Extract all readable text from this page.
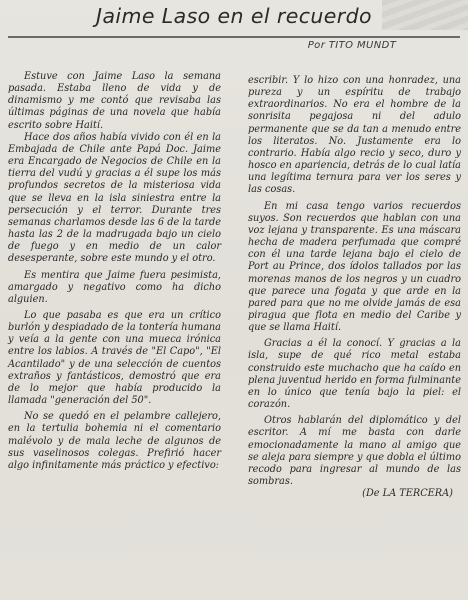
Jaime Laso en el recuerdo

Por TITO MUNDT

Estuve con Jaime Laso la semana pasada. Estaba lleno de vida y de dinamismo y me contó que revisaba las últimas páginas de una novela que había escrito sobre Haití.

Hace dos años había vivido con él en la Embajada de Chile ante Papá Doc. Jaime era Encargado de Negocios de Chile en la tierra del vudú y gracias a él supe los más profundos secretos de la misteriosa vida que se lleva en la isla siniestra entre la persecución y el terror. Durante tres semanas charlamos desde las 6 de la tarde hasta las 2 de la madrugada bajo un cielo de fuego y en medio de un calor desesperante, sobre este mundo y el otro.

Es mentira que Jaime fuera pesimista, amargado y negativo como ha dicho alguien.

Lo que pasaba es que era un crítico burlón y despiadado de la tontería humana y veía a la gente con una mueca irónica entre los labios. A través de "El Capo", "El Acantilado" y de una selección de cuentos extraños y fantásticos, demostró que era de lo mejor que había producido la llamada "generación del 50".

No se quedó en el pelambre callejero, en la tertulia bohemia ni el comentario malévolo y de mala leche de algunos de sus vaselinosos colegas. Prefirió hacer algo infinitamente más práctico y efectivo:

escribir. Y lo hizo con una honradez, una pureza y un espíritu de trabajo extraordinarios. No era el hombre de la sonrisita pegajosa ni del adulo permanente que se da tan a menudo entre los literatos. No. Justamente era lo contrario. Había algo recio y seco, duro y hosco en apariencia, detrás de lo cual latía una legítima ternura para ver los seres y las cosas.

En mi casa tengo varios recuerdos suyos. Son recuerdos que hablan con una voz lejana y transparente. Es una máscara hecha de madera perfumada que compré con él una tarde lejana bajo el cielo de Port au Prince, dos ídolos tallados por las morenas manos de los negros y un cuadro que parece una fogata y que arde en la pared para que no me olvide jamás de esa piragua que flota en medio del Caribe y que se llama Haití.

Gracias a él la conocí. Y gracias a la isla, supe de qué rico metal estaba construido este muchacho que ha caído en plena juventud herido en forma fulminante en lo único que tenía bajo la piel: el corazón.

Otros hablarán del diplomático y del escritor. A mí me basta con darle emocionadamente la mano al amigo que se aleja para siempre y que dobla el último recodo para ingresar al mundo de las sombras.

(De LA TERCERA)
